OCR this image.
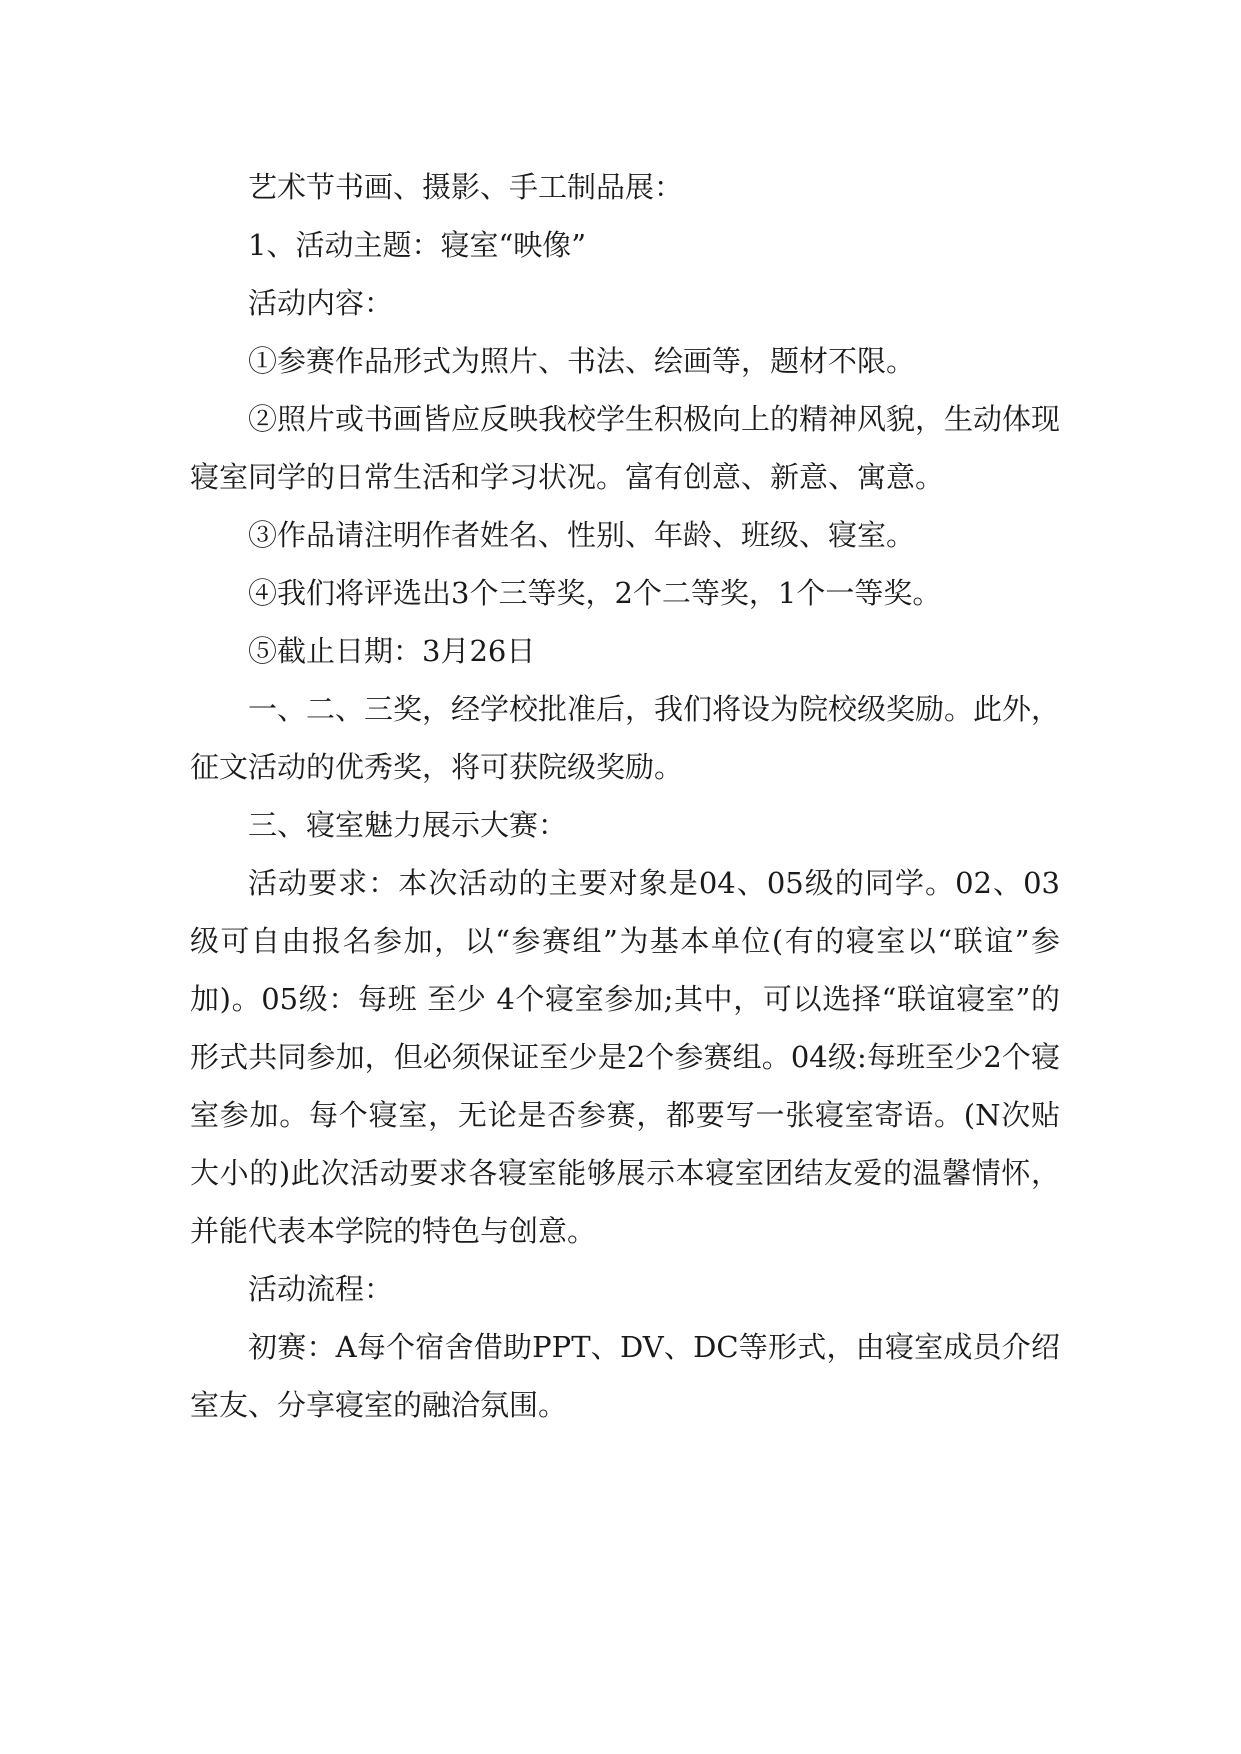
艺术节书画、摄影、手工制品展：

1、活动主题：寝室“映像”

活动内容：

①参赛作品形式为照片、书法、绘画等，题材不限。

②照片或书画皆应反映我校学生积极向上的精神风貌，生动体现寝室同学的日常生活和学习状况。富有创意、新意、寓意。

③作品请注明作者姓名、性别、年龄、班级、寝室。

④我们将评选出3个三等奖，2个二等奖，1个一等奖。

⑤截止日期：3月26日

一、二、三奖，经学校批准后，我们将设为院校级奖励。此外，征文活动的优秀奖，将可获院级奖励。

三、寝室魅力展示大赛：

活动要求：本次活动的主要对象是04、05级的同学。02、03级可自由报名参加，以“参赛组”为基本单位(有的寝室以“联谊”参加)。05级：每班 至少 4个寝室参加;其中，可以选择“联谊寝室”的形式共同参加，但必须保证至少是2个参赛组。04级:每班至少2个寝室参加。每个寝室，无论是否参赛，都要写一张寝室寄语。(N次贴大小的)此次活动要求各寝室能够展示本寝室团结友爱的温馨情怀，并能代表本学院的特色与创意。

活动流程：

初赛：A每个宿舍借助PPT、DV、DC等形式，由寝室成员介绍室友、分享寝室的融洽氛围。
